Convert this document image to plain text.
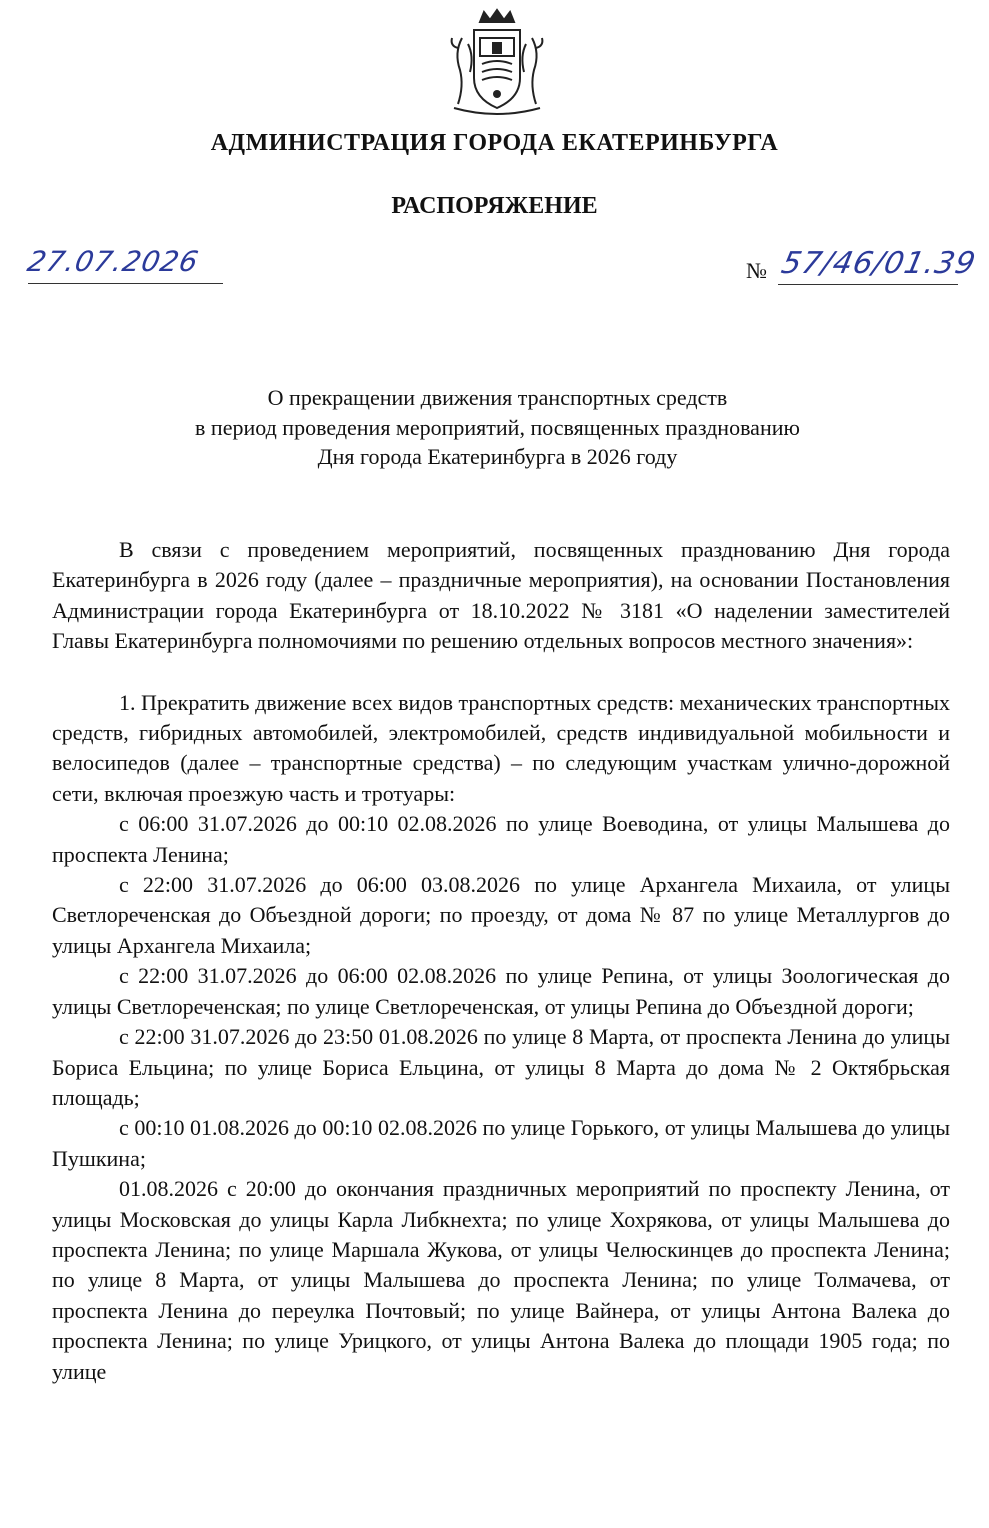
АДМИНИСТРАЦИЯ ГОРОДА ЕКАТЕРИНБУРГА
РАСПОРЯЖЕНИЕ
27.07.2026	№ 57/46/01.39
О прекращении движения транспортных средств
в период проведения мероприятий, посвященных празднованию
Дня города Екатеринбурга в 2026 году

В связи с проведением мероприятий, посвященных празднованию Дня города Екатеринбурга в 2026 году (далее – праздничные мероприятия), на основании Постановления Администрации города Екатеринбурга от 18.10.2022 № 3181 «О наделении заместителей Главы Екатеринбурга полномочиями по решению отдельных вопросов местного значения»:

1. Прекратить движение всех видов транспортных средств: механических транспортных средств, гибридных автомобилей, электромобилей, средств индивидуальной мобильности и велосипедов (далее – транспортные средства) – по следующим участкам улично-дорожной сети, включая проезжую часть и тротуары:

с 06:00 31.07.2026 до 00:10 02.08.2026 по улице Воеводина, от улицы Малышева до проспекта Ленина;

с 22:00 31.07.2026 до 06:00 03.08.2026 по улице Архангела Михаила, от улицы Светлореченская до Объездной дороги; по проезду, от дома № 87 по улице Металлургов до улицы Архангела Михаила;

с 22:00 31.07.2026 до 06:00 02.08.2026 по улице Репина, от улицы Зоологическая до улицы Светлореченская; по улице Светлореченская, от улицы Репина до Объездной дороги;

с 22:00 31.07.2026 до 23:50 01.08.2026 по улице 8 Марта, от проспекта Ленина до улицы Бориса Ельцина; по улице Бориса Ельцина, от улицы 8 Марта до дома № 2 Октябрьская площадь;

с 00:10 01.08.2026 до 00:10 02.08.2026 по улице Горького, от улицы Малышева до улицы Пушкина;

01.08.2026 с 20:00 до окончания праздничных мероприятий по проспекту Ленина, от улицы Московская до улицы Карла Либкнехта; по улице Хохрякова, от улицы Малышева до проспекта Ленина; по улице Маршала Жукова, от улицы Челюскинцев до проспекта Ленина; по улице 8 Марта, от улицы Малышева до проспекта Ленина; по улице Толмачева, от проспекта Ленина до переулка Почтовый; по улице Вайнера, от улицы Антона Валека до проспекта Ленина; по улице Урицкого, от улицы Антона Валека до площади 1905 года; по улице
